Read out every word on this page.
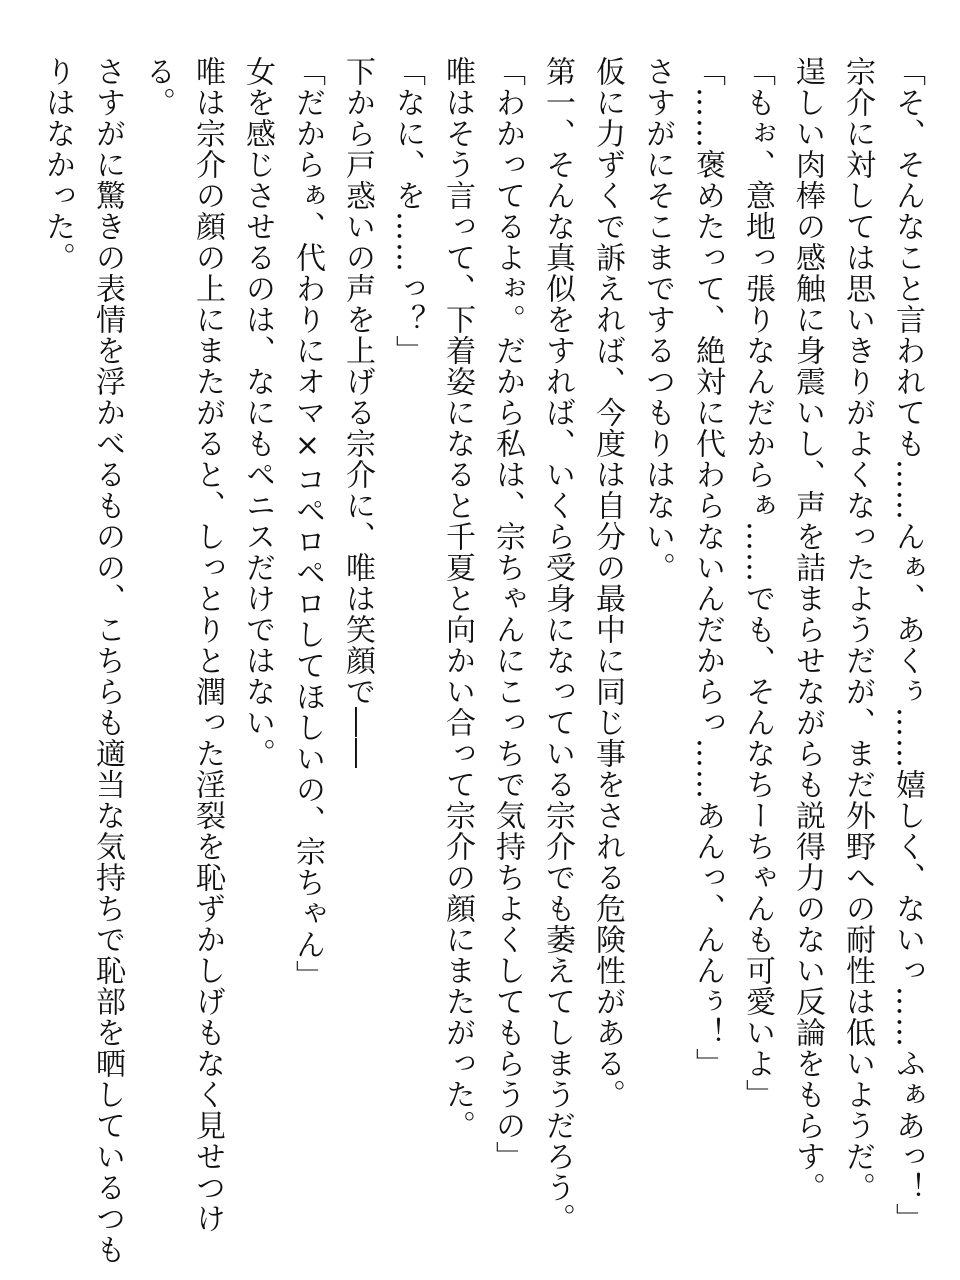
「そ、そんなこと言われても……んぁ、あくぅ……嬉しく、ないっ……ふぁあっ！」

宗介に対しては思いきりがよくなったようだが、まだ外野への耐性は低いようだ。

逞しい肉棒の感触に身震いし、声を詰まらせながらも説得力のない反論をもらす。

「もぉ、意地っ張りなんだからぁ……でも、そんなちーちゃんも可愛いよ」

「……褒めたって、絶対に代わらないんだからっ……あんっ、んんぅ！」

さすがにそこまでするつもりはない。

仮に力ずくで訴えれば、今度は自分の最中に同じ事をされる危険性がある。

第一、そんな真似をすれば、いくら受身になっている宗介でも萎えてしまうだろう。

「わかってるよぉ。だから私は、宗ちゃんにこっちで気持ちよくしてもらうの」

唯はそう言って、下着姿になると千夏と向かい合って宗介の顔にまたがった。

「なに、を……っ？」

下から戸惑いの声を上げる宗介に、唯は笑顔で――

「だからぁ、代わりにオマ×コペロペロしてほしいの、宗ちゃん」

女を感じさせるのは、なにもペニスだけではない。

唯は宗介の顔の上にまたがると、しっとりと潤った淫裂を恥ずかしげもなく見せつけ

る。

さすがに驚きの表情を浮かべるものの、こちらも適当な気持ちで恥部を晒しているつも

りはなかった。
